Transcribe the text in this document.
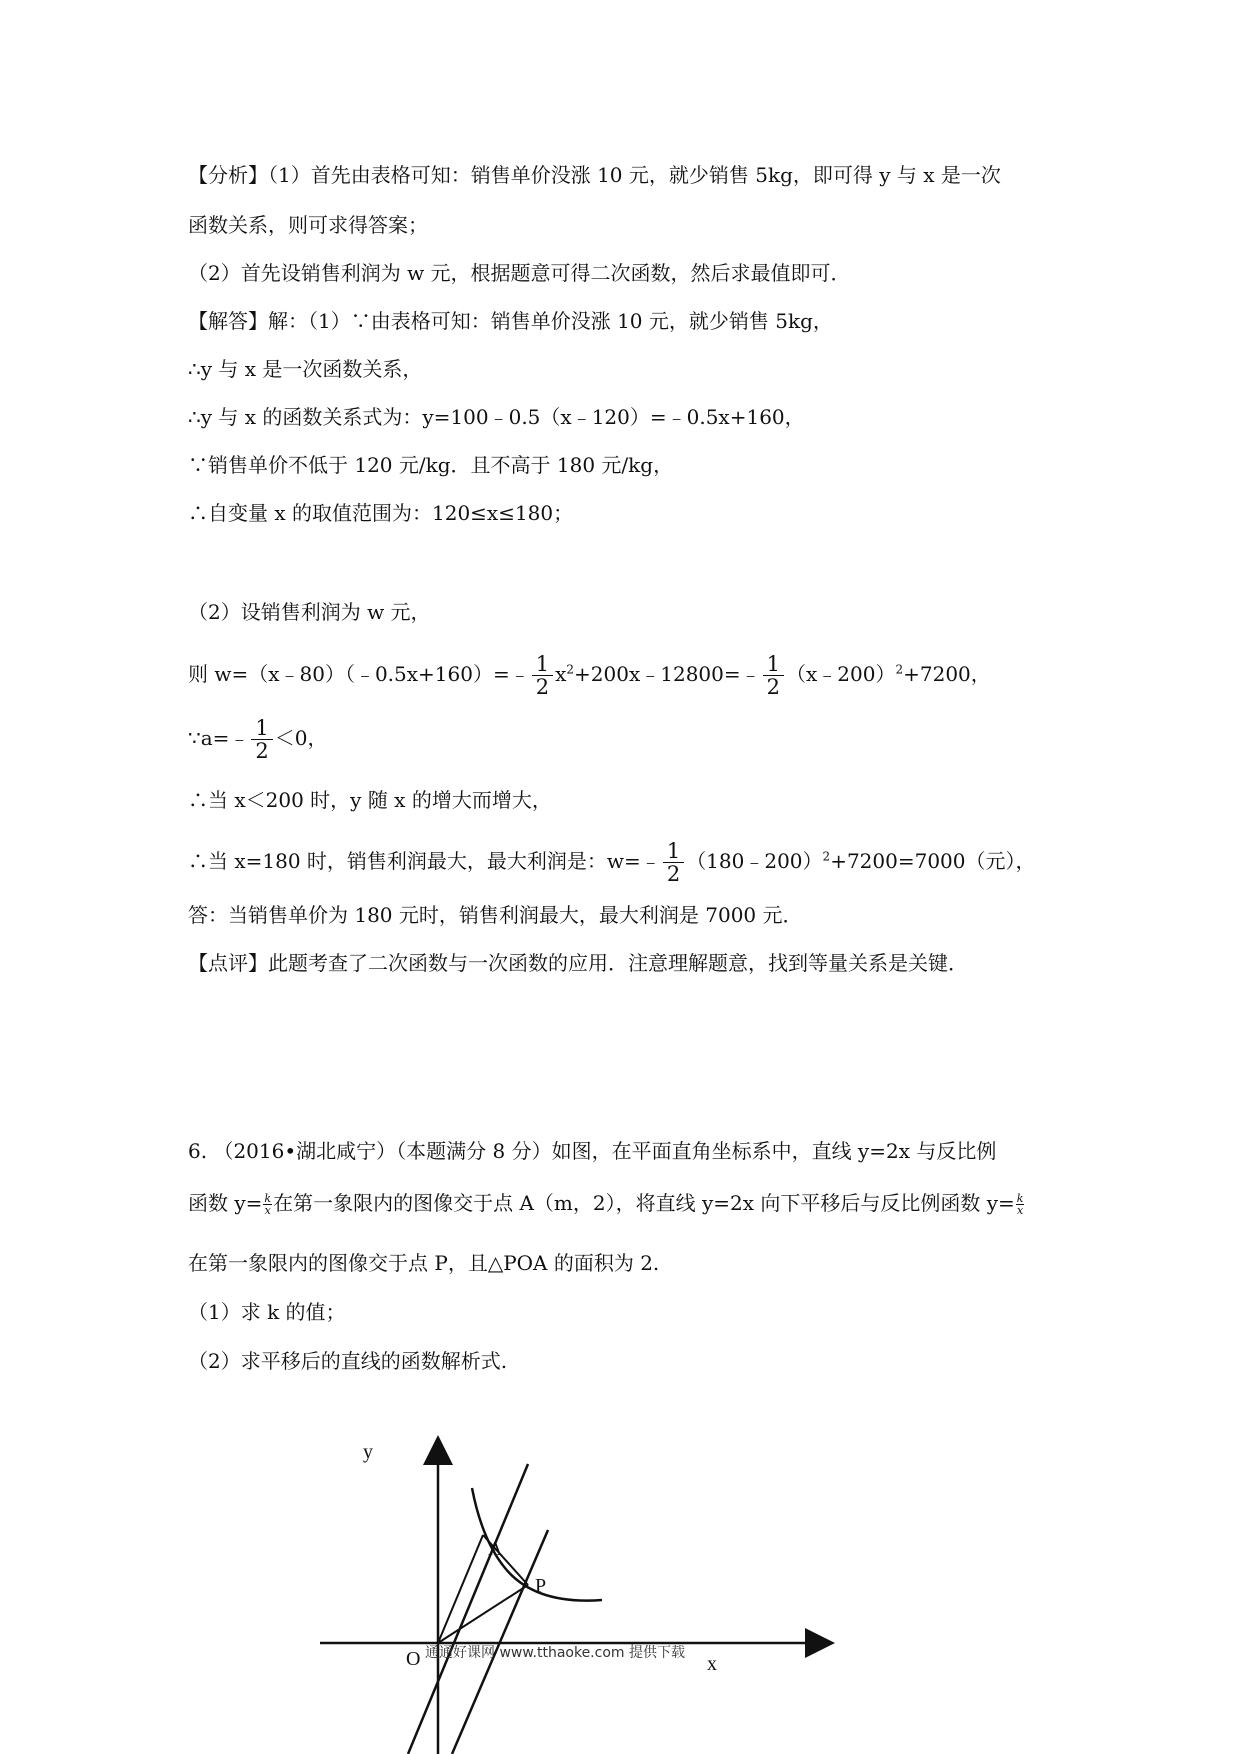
【分析】（1）首先由表格可知：销售单价没涨 10 元，就少销售 5kg，即可得 y 与 x 是一次
函数关系，则可求得答案；
（2）首先设销售利润为 w 元，根据题意可得二次函数，然后求最值即可．
【解答】解：（1）∵由表格可知：销售单价没涨 10 元，就少销售 5kg，
∴y 与 x 是一次函数关系，
∴y 与 x 的函数关系式为：y=100﹣0.5（x﹣120）=﹣0.5x+160，
∵销售单价不低于 120 元/kg．且不高于 180 元/kg，
∴自变量 x 的取值范围为：120≤x≤180；
（2）设销售利润为 w 元，
则 w=（x﹣80）（﹣0.5x+160）=﹣ $\frac{1}{2}$ $x^2+200x﹣12800=﹣ \frac{1}{2}$ （x﹣200）$^2$+7200，
∵a=﹣ $\frac{1}{2} <0$，
∴当 x＜200 时，y 随 x 的增大而增大，
∴当 x=180 时，销售利润最大，最大利润是：w=﹣ $\frac{1}{2}$ （180﹣200）$^2$+7200=7000（元），
答：当销售单价为 180 元时，销售利润最大，最大利润是 7000 元．
【点评】此题考查了二次函数与一次函数的应用．注意理解题意，找到等量关系是关键．
6. （2016•湖北咸宁）（本题满分 8 分）如图，在平面直角坐标系中，直线 y=2x 与反比例
函数 $y= \frac{k}{x}$ 在第一象限内的图像交于点 A（m，2），将直线 y=2x 向下平移后与反比例函数 $y= \frac{k}{x}$
在第一象限内的图像交于点 P，且△POA 的面积为 2.
（1）求 k 的值；
（2）求平移后的直线的函数解析式.
y
x
O
A
P
通通好课网 www.tthaoke.com 提供下载
